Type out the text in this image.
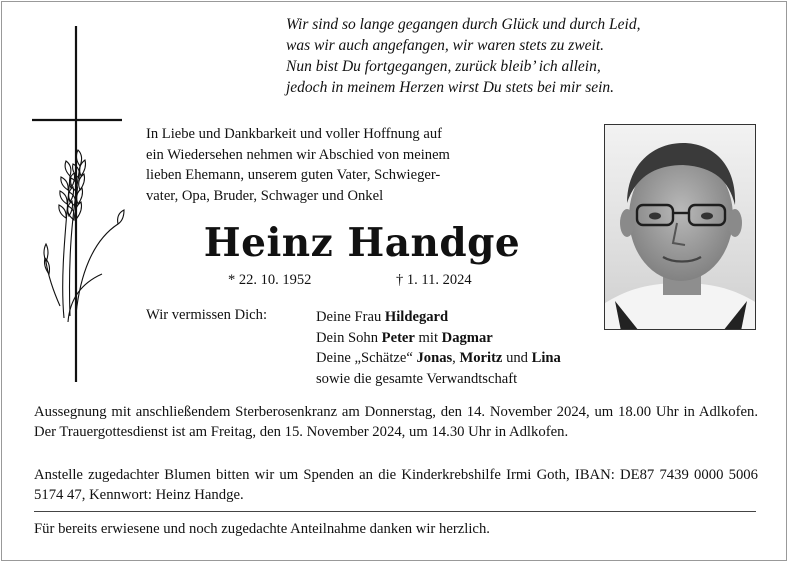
Wir sind so lange gegangen durch Glück und durch Leid,
was wir auch angefangen, wir waren stets zu zweit.
Nun bist Du fortgegangen, zurück bleib’ ich allein,
jedoch in meinem Herzen wirst Du stets bei mir sein.
In Liebe und Dankbarkeit und voller Hoffnung auf
ein Wiedersehen nehmen wir Abschied von meinem
lieben Ehemann, unserem guten Vater, Schwieger-
vater, Opa, Bruder, Schwager und Onkel
Heinz Handge
* 22. 10. 1952	† 1. 11. 2024
Wir vermissen Dich:	Deine Frau Hildegard
Dein Sohn Peter mit Dagmar
Deine „Schätze“ Jonas, Moritz und Lina
sowie die gesamte Verwandtschaft
Aussegnung mit anschließendem Sterberosenkranz am Donnerstag, den 14. November 2024, um 18.00 Uhr in Adlkofen. Der Trauergottesdienst ist am Freitag, den 15. November 2024, um 14.30 Uhr in Adlkofen.
Anstelle zugedachter Blumen bitten wir um Spenden an die Kinderkrebshilfe Irmi Goth, IBAN: DE87 7439 0000 5006 5174 47, Kennwort: Heinz Handge.
Für bereits erwiesene und noch zugedachte Anteilnahme danken wir herzlich.
